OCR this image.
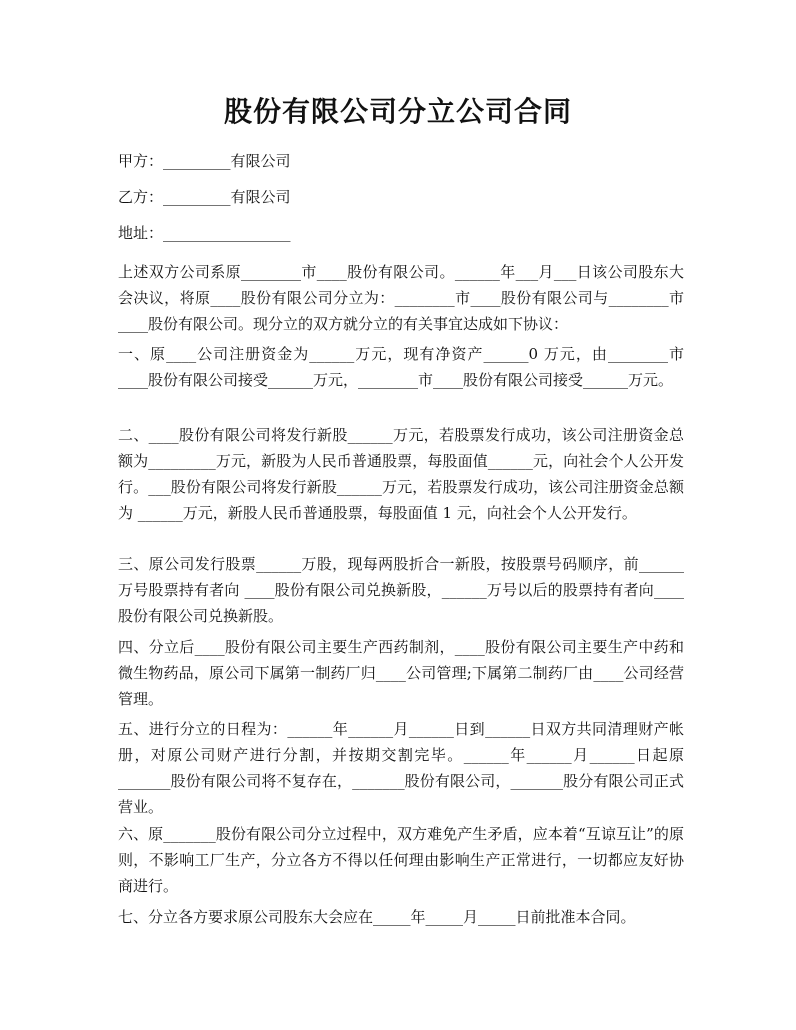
股份有限公司分立公司合同
甲方：_________有限公司
乙方：_________有限公司
地址：_________________
上述双方公司系原________市____股份有限公司。______年___月___日该公司股东大会决议，将原____股份有限公司分立为：________市____股份有限公司与________市____股份有限公司。现分立的双方就分立的有关事宜达成如下协议：
一、原____公司注册资金为______万元，现有净资产______0 万元，由________市____股份有限公司接受______万元，________市____股份有限公司接受______万元。
二、____股份有限公司将发行新股______万元，若股票发行成功，该公司注册资金总额为_________万元，新股为人民币普通股票，每股面值______元，向社会个人公开发行。___股份有限公司将发行新股______万元，若股票发行成功，该公司注册资金总额为 ______万元，新股人民币普通股票，每股面值 1 元，向社会个人公开发行。
三、原公司发行股票______万股，现每两股折合一新股，按股票号码顺序，前______万号股票持有者向 ____股份有限公司兑换新股，______万号以后的股票持有者向____股份有限公司兑换新股。
四、分立后____股份有限公司主要生产西药制剂，____股份有限公司主要生产中药和微生物药品，原公司下属第一制药厂归____公司管理;下属第二制药厂由____公司经营管理。
五、进行分立的日程为：______年______月______日到______日双方共同清理财产帐册，对原公司财产进行分割，并按期交割完毕。______年______月______日起原_______股份有限公司将不复存在，_______股份有限公司，_______股分有限公司正式营业。
六、原_______股份有限公司分立过程中，双方难免产生矛盾，应本着“互谅互让”的原则，不影响工厂生产，分立各方不得以任何理由影响生产正常进行，一切都应友好协商进行。
七、分立各方要求原公司股东大会应在_____年_____月_____日前批准本合同。
